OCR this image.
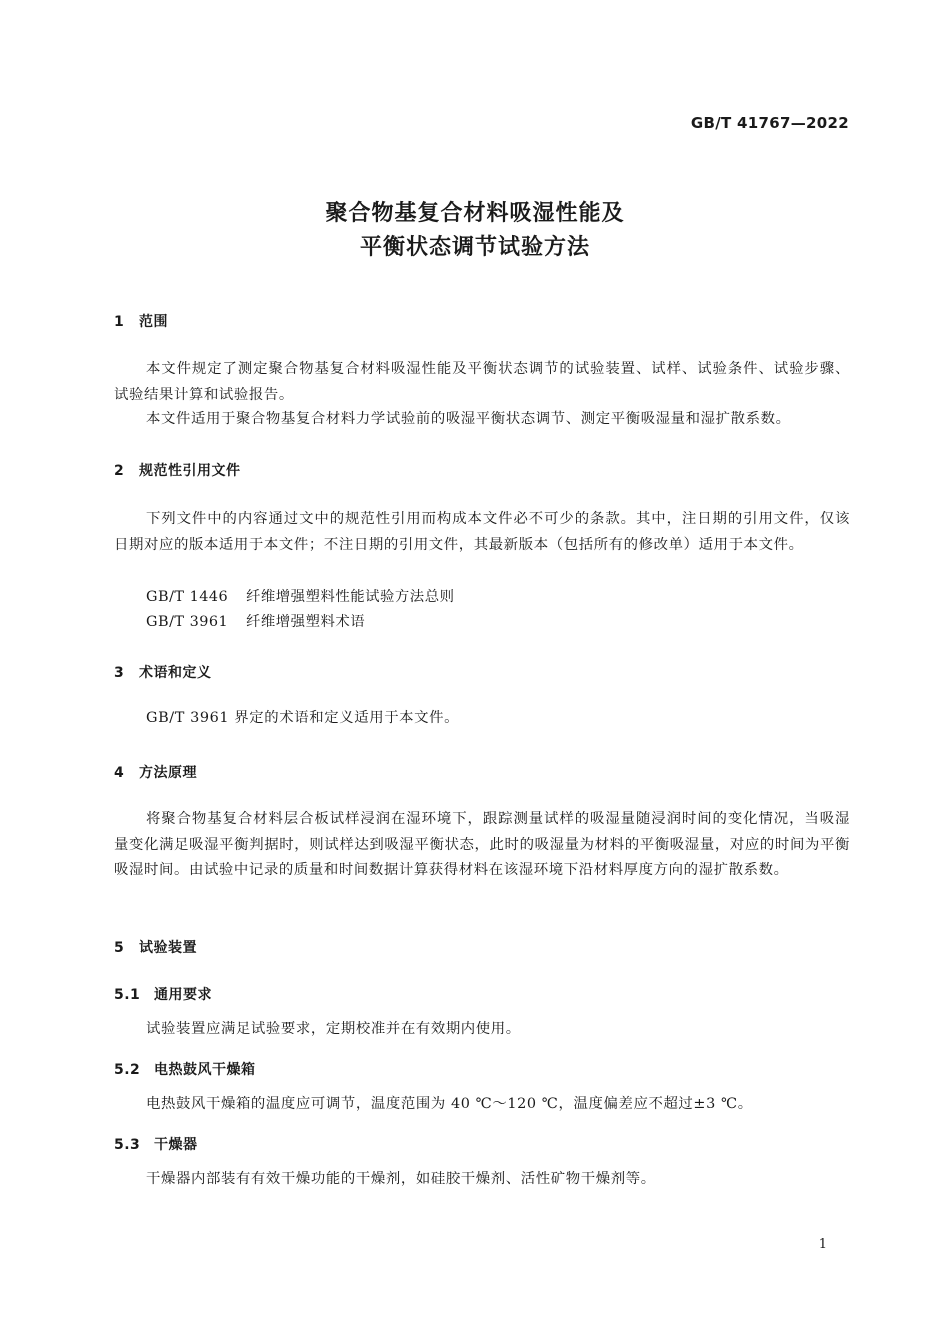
GB/T 41767—2022
聚合物基复合材料吸湿性能及
平衡状态调节试验方法
1 范围
本文件规定了测定聚合物基复合材料吸湿性能及平衡状态调节的试验装置、试样、试验条件、试验步骤、试验结果计算和试验报告。
本文件适用于聚合物基复合材料力学试验前的吸湿平衡状态调节、测定平衡吸湿量和湿扩散系数。
2 规范性引用文件
下列文件中的内容通过文中的规范性引用而构成本文件必不可少的条款。其中，注日期的引用文件，仅该日期对应的版本适用于本文件；不注日期的引用文件，其最新版本（包括所有的修改单）适用于本文件。
GB/T 1446 纤维增强塑料性能试验方法总则
GB/T 3961 纤维增强塑料术语
3 术语和定义
GB/T 3961 界定的术语和定义适用于本文件。
4 方法原理
将聚合物基复合材料层合板试样浸润在湿环境下，跟踪测量试样的吸湿量随浸润时间的变化情况，当吸湿量变化满足吸湿平衡判据时，则试样达到吸湿平衡状态，此时的吸湿量为材料的平衡吸湿量，对应的时间为平衡吸湿时间。由试验中记录的质量和时间数据计算获得材料在该湿环境下沿材料厚度方向的湿扩散系数。
5 试验装置
5.1 通用要求
试验装置应满足试验要求，定期校准并在有效期内使用。
5.2 电热鼓风干燥箱
电热鼓风干燥箱的温度应可调节，温度范围为 40 ℃～120 ℃，温度偏差应不超过±3 ℃。
5.3 干燥器
干燥器内部装有有效干燥功能的干燥剂，如硅胶干燥剂、活性矿物干燥剂等。
1
